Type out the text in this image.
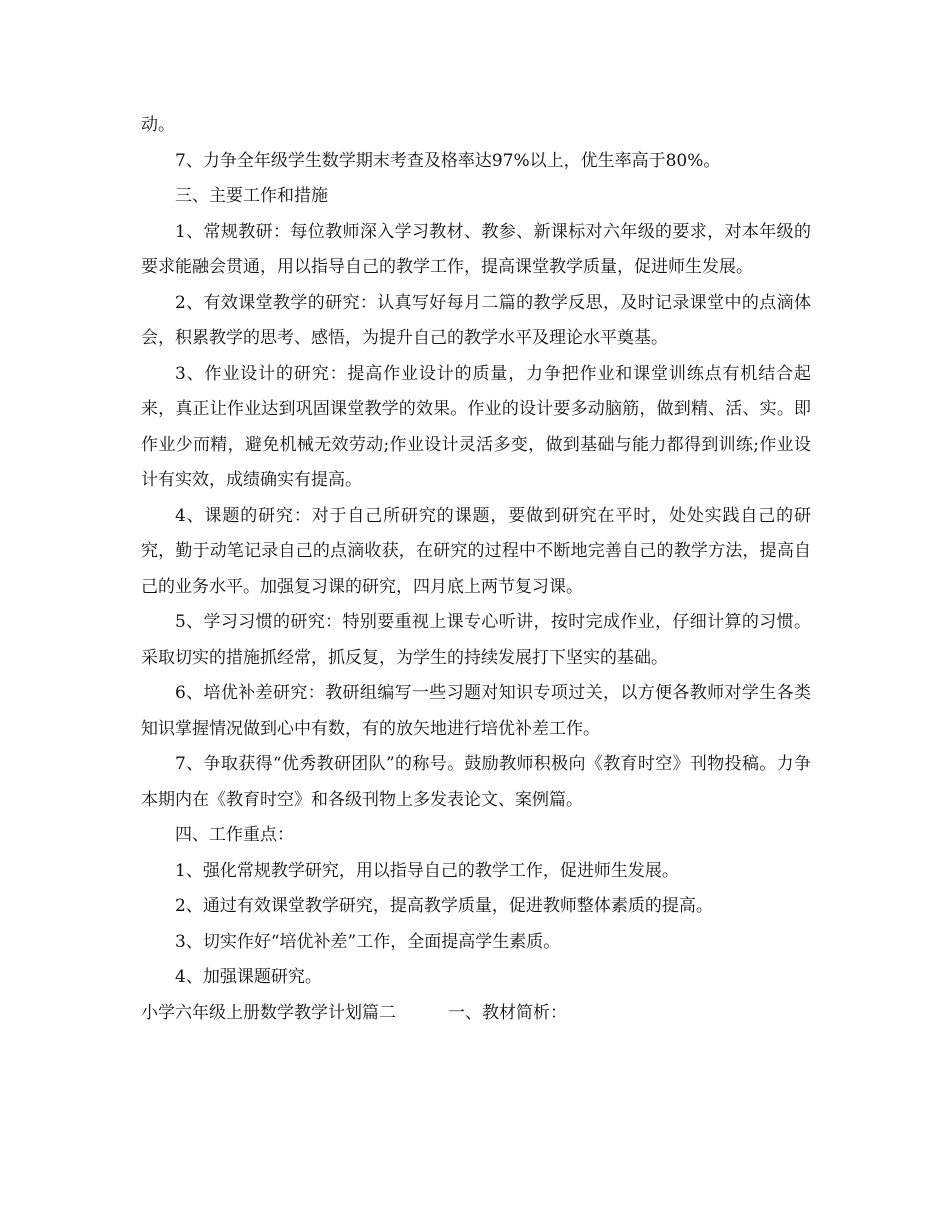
动。

7、力争全年级学生数学期末考查及格率达97%以上，优生率高于80%。

三、主要工作和措施

1、常规教研：每位教师深入学习教材、教参、新课标对六年级的要求，对本年级的要求能融会贯通，用以指导自己的教学工作，提高课堂教学质量，促进师生发展。

2、有效课堂教学的研究：认真写好每月二篇的教学反思，及时记录课堂中的点滴体会，积累教学的思考、感悟，为提升自己的教学水平及理论水平奠基。

3、作业设计的研究：提高作业设计的质量，力争把作业和课堂训练点有机结合起来，真正让作业达到巩固课堂教学的效果。作业的设计要多动脑筋，做到精、活、实。即作业少而精，避免机械无效劳动;作业设计灵活多变，做到基础与能力都得到训练;作业设计有实效，成绩确实有提高。

4、课题的研究：对于自己所研究的课题，要做到研究在平时，处处实践自己的研究，勤于动笔记录自己的点滴收获，在研究的过程中不断地完善自己的教学方法，提高自己的业务水平。加强复习课的研究，四月底上两节复习课。

5、学习习惯的研究：特别要重视上课专心听讲，按时完成作业，仔细计算的习惯。采取切实的措施抓经常，抓反复，为学生的持续发展打下坚实的基础。

6、培优补差研究：教研组编写一些习题对知识专项过关，以方便各教师对学生各类知识掌握情况做到心中有数，有的放矢地进行培优补差工作。

7、争取获得“优秀教研团队”的称号。鼓励教师积极向《教育时空》刊物投稿。力争本期内在《教育时空》和各级刊物上多发表论文、案例篇。

四、工作重点：

1、强化常规教学研究，用以指导自己的教学工作，促进师生发展。

2、通过有效课堂教学研究，提高教学质量，促进教师整体素质的提高。

3、切实作好“培优补差”工作，全面提高学生素质。

4、加强课题研究。

小学六年级上册数学教学计划篇二	一、教材简析：
